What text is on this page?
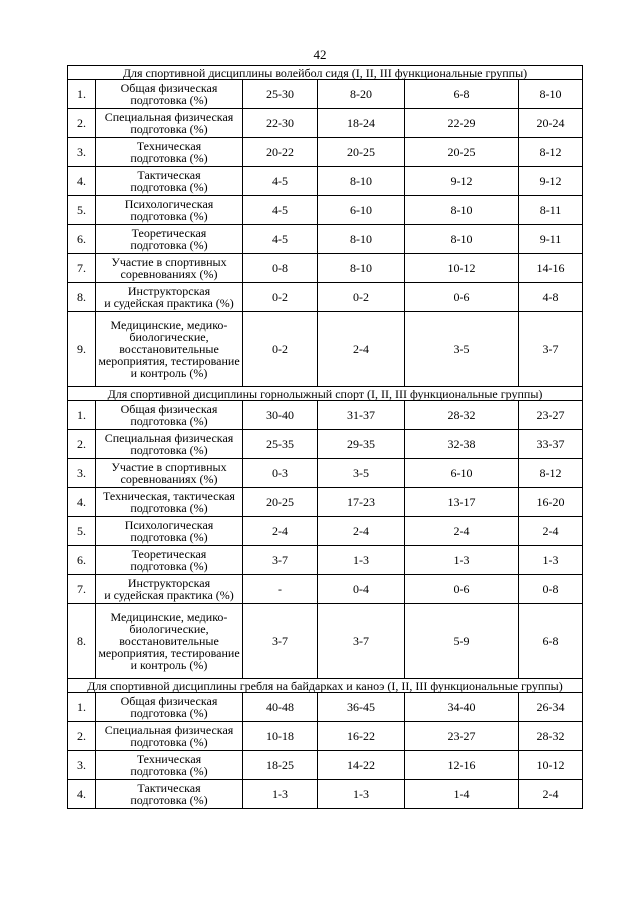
42
Для спортивной дисциплины волейбол сидя (I, II, III функциональные группы)					
1.	Общая физическая
подготовка (%)	25-30	8-20	6-8	8-10
2.	Специальная физическая
подготовка (%)	22-30	18-24	22-29	20-24
3.	Техническая
подготовка (%)	20-22	20-25	20-25	8-12
4.	Тактическая
подготовка (%)	4-5	8-10	9-12	9-12
5.	Психологическая
подготовка (%)	4-5	6-10	8-10	8-11
6.	Теоретическая
подготовка (%)	4-5	8-10	8-10	9-11
7.	Участие в спортивных
соревнованиях (%)	0-8	8-10	10-12	14-16
8.	Инструкторская
и судейская практика (%)	0-2	0-2	0-6	4-8
9.	Медицинские, медико-
биологические,
восстановительные
мероприятия, тестирование
и контроль (%)	0-2	2-4	3-5	3-7
Для спортивной дисциплины горнолыжный спорт (I, II, III функциональные группы)					
1.	Общая физическая
подготовка (%)	30-40	31-37	28-32	23-27
2.	Специальная физическая
подготовка (%)	25-35	29-35	32-38	33-37
3.	Участие в спортивных
соревнованиях (%)	0-3	3-5	6-10	8-12
4.	Техническая, тактическая
подготовка (%)	20-25	17-23	13-17	16-20
5.	Психологическая
подготовка (%)	2-4	2-4	2-4	2-4
6.	Теоретическая
подготовка (%)	3-7	1-3	1-3	1-3
7.	Инструкторская
и судейская практика (%)	-	0-4	0-6	0-8
8.	Медицинские, медико-
биологические,
восстановительные
мероприятия, тестирование
и контроль (%)	3-7	3-7	5-9	6-8
Для спортивной дисциплины гребля на байдарках и каноэ (I, II, III функциональные группы)					
1.	Общая физическая
подготовка (%)	40-48	36-45	34-40	26-34
2.	Специальная физическая
подготовка (%)	10-18	16-22	23-27	28-32
3.	Техническая
подготовка (%)	18-25	14-22	12-16	10-12
4.	Тактическая
подготовка (%)	1-3	1-3	1-4	2-4
